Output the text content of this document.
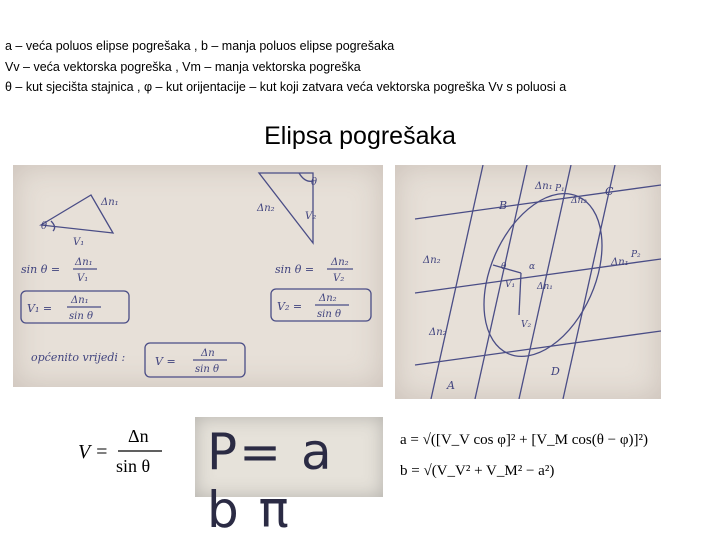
a – veća poluos elipse pogrešaka , b – manja poluos elipse pogrešaka
Vv – veća vektorska pogreška , Vm – manja vektorska pogreška
θ – kut sjecišta stajnica , φ – kut orijentacije – kut koji zatvara veća vektorska pogreška Vv s poluosi a
Elipsa pogrešaka
θ
Δn₁
V₁
sin θ =
Δn₁
V₁
V₁ =
Δn₁
sin θ
θ
Δn₂
V₂
sin θ =
Δn₂
V₂
V₂ =
Δn₂
sin θ
općenito vrijedi :	V =
Δn
sin θ
Δn₁ P₁
B
C
Δn₂
Δn₂	Δn₁
P₂
θ	α
Δn₁
V₁
V₂
Δn₂
A
D
V =
Δn
sin θ P= a b π
a = √([V_V cos φ]² + [V_M cos(θ − φ)]²)
b = √(V_V² + V_M² − a²)
